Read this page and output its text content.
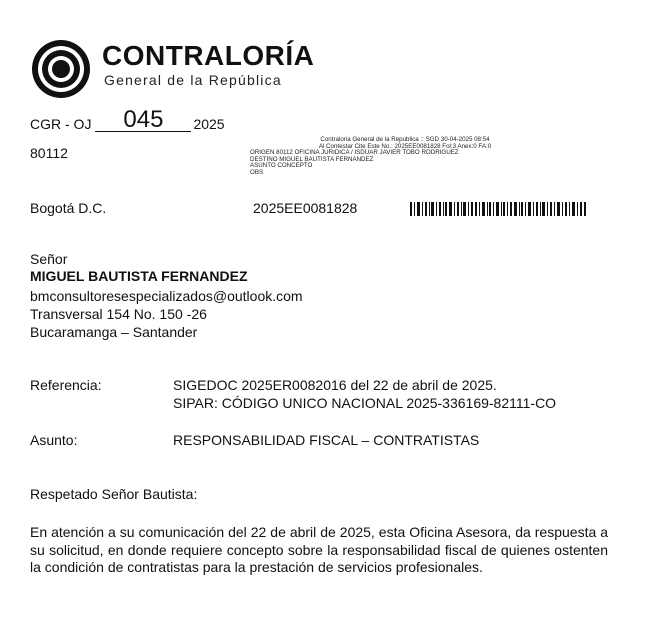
CONTRALORÍA
General de la República
CGR - OJ	045	2025
80112
Contraloria General de la Republica :: SGD 30-04-2025 08:54
Al Contestar Cite Este No.: 2025EE0081828 Fol:3 Anex:0 FA:0
ORIGEN 80112 OFICINA JURIDICA / ISDUAR JAVIER TOBO RODRIGUEZ
DESTINO MIGUEL BAUTISTA FERNANDEZ
ASUNTO CONCEPTO
OBS
Bogotá D.C.	2025EE0081828
Señor
MIGUEL BAUTISTA FERNANDEZ
bmconsultoresespecializados@outlook.com
Transversal 154 No. 150 -26
Bucaramanga – Santander
Referencia:	SIGEDOC 2025ER0082016 del 22 de abril de 2025.
SIPAR: CÓDIGO UNICO NACIONAL 2025-336169-82111-CO
Asunto:	RESPONSABILIDAD FISCAL – CONTRATISTAS
Respetado Señor Bautista:
En atención a su comunicación del 22 de abril de 2025, esta Oficina Asesora, da respuesta a su solicitud, en donde requiere concepto sobre la responsabilidad fiscal de quienes ostenten la condición de contratistas para la prestación de servicios profesionales.
